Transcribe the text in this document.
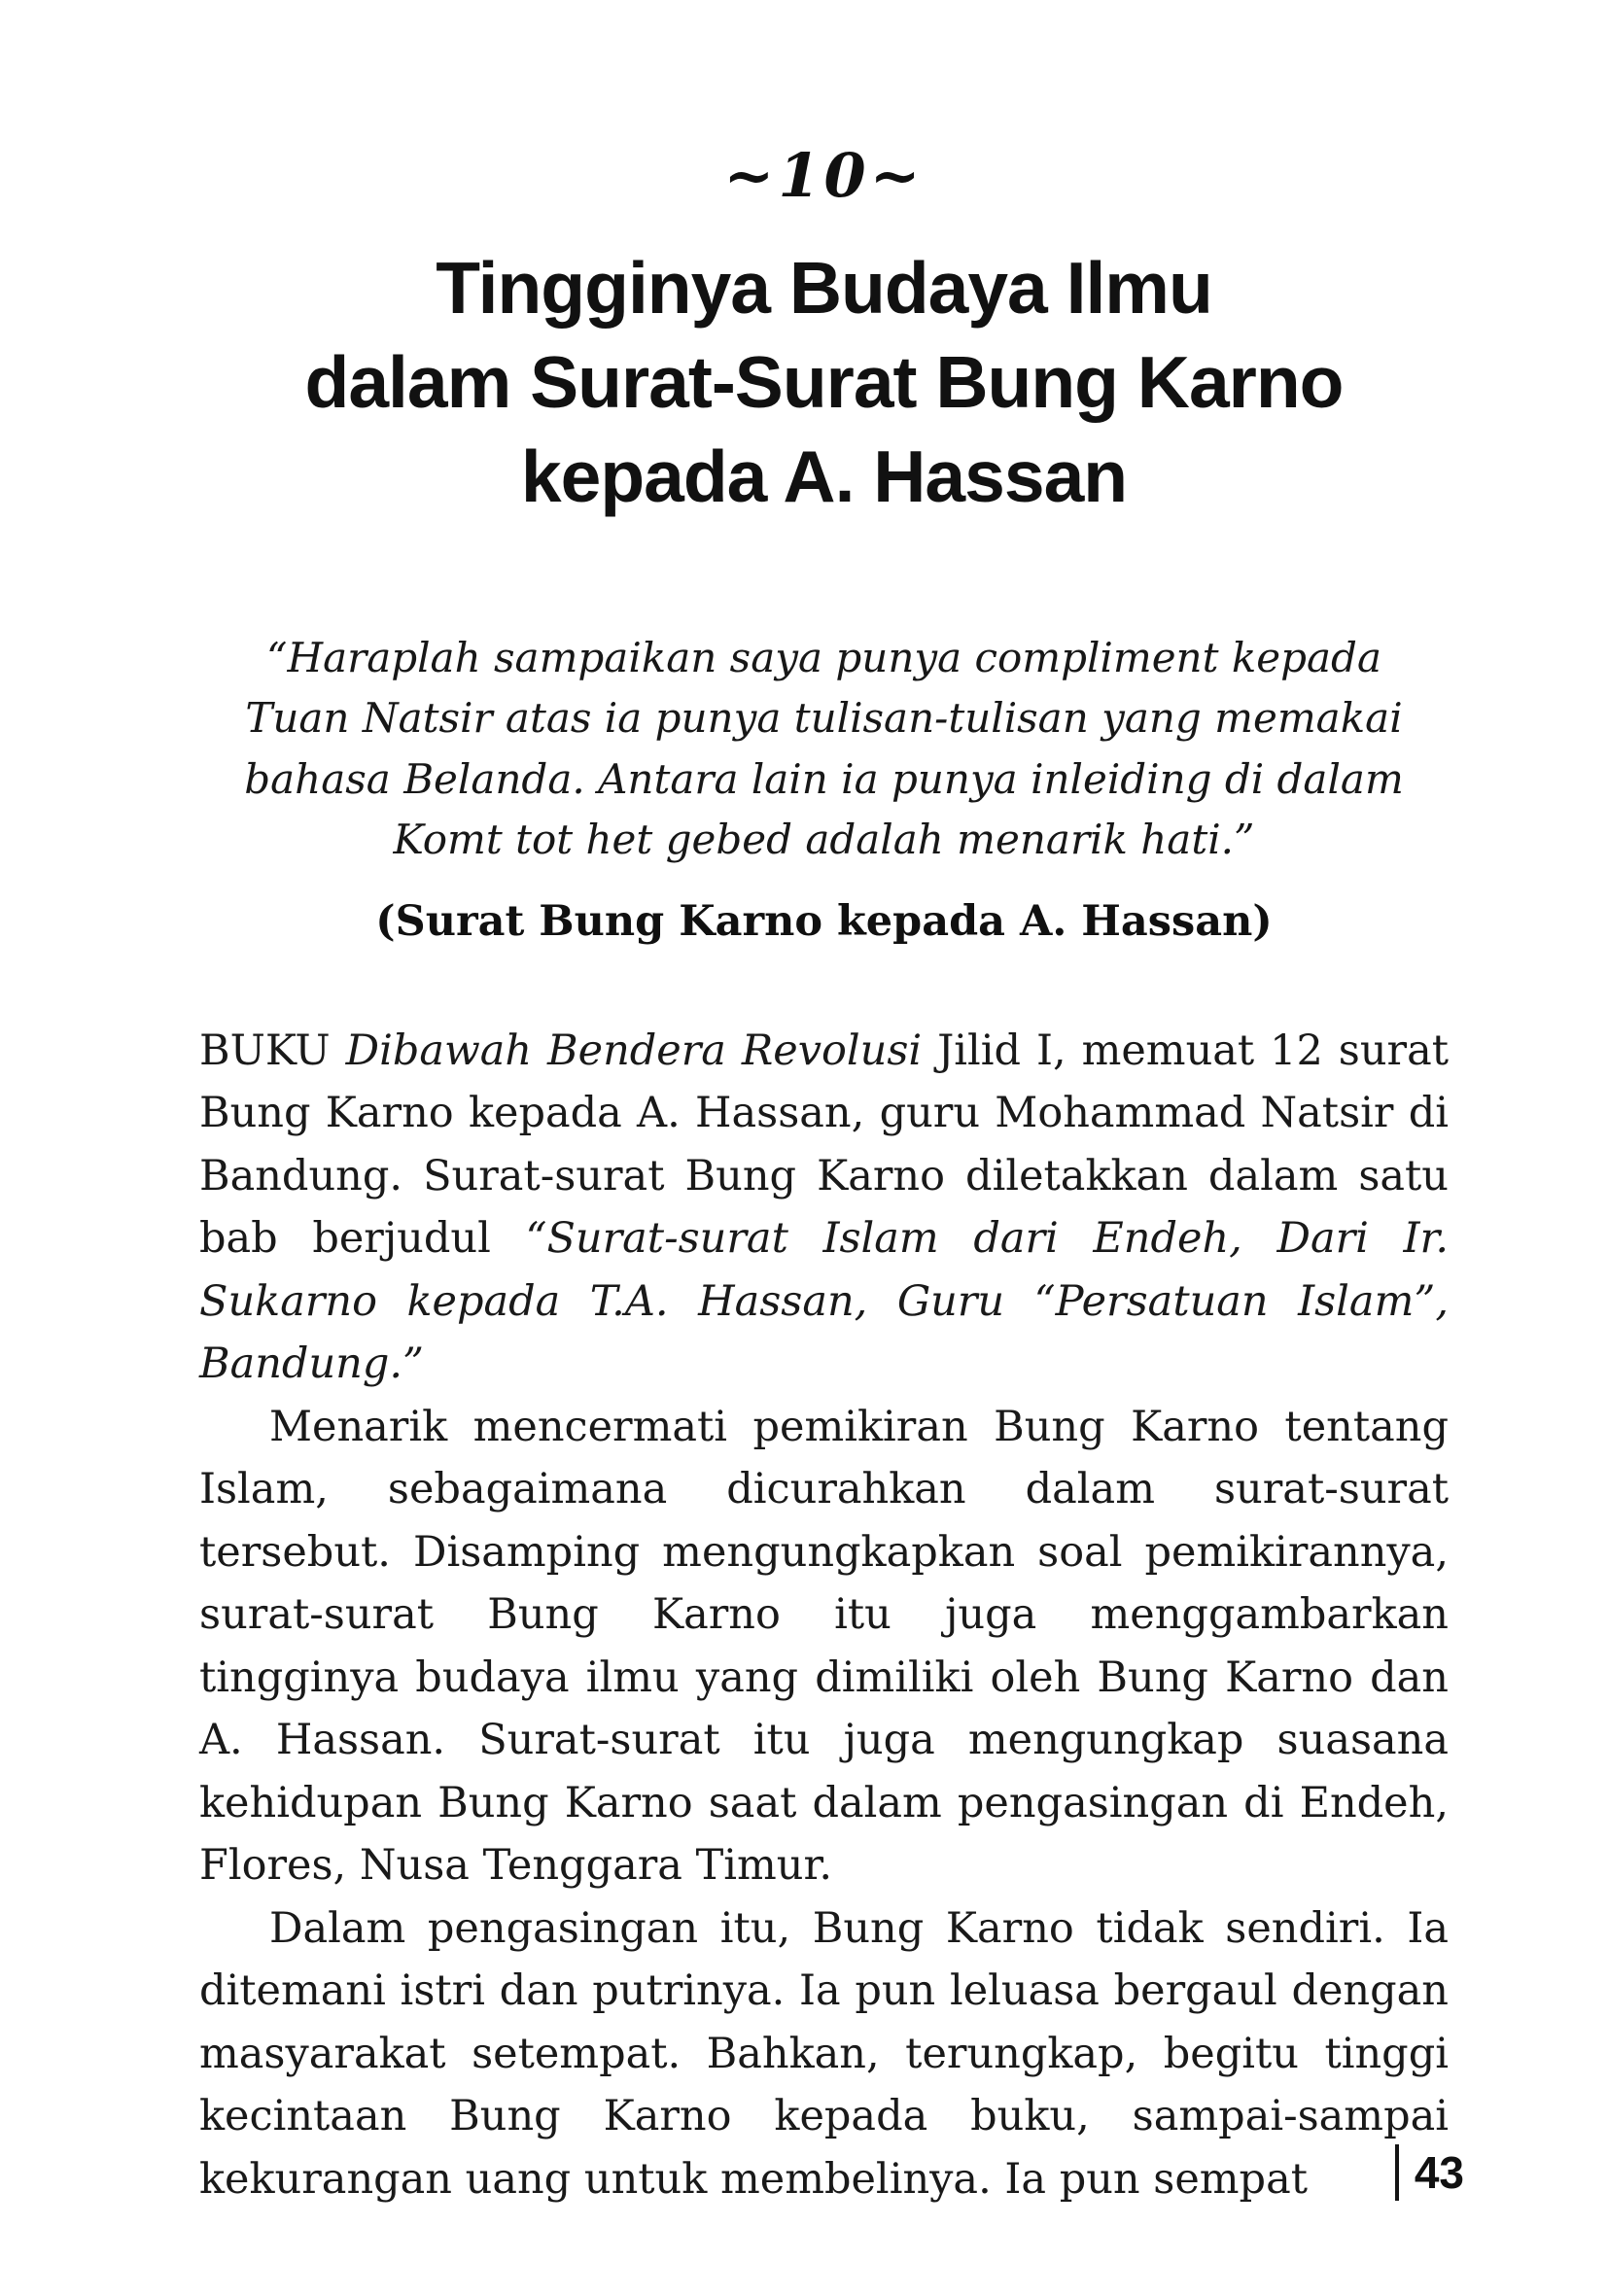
~10~
Tingginya Budaya Ilmu
dalam Surat-Surat Bung Karno
kepada A. Hassan
“Haraplah sampaikan saya punya compliment kepada
Tuan Natsir atas ia punya tulisan-tulisan yang memakai
bahasa Belanda. Antara lain ia punya inleiding di dalam
Komt tot het gebed adalah menarik hati.”
(Surat Bung Karno kepada A. Hassan)

BUKU Dibawah Bendera Revolusi Jilid I, memuat 12 surat Bung Karno kepada A. Hassan, guru Mohammad Natsir di Bandung. Surat-surat Bung Karno diletakkan dalam satu bab berjudul “Surat-surat Islam dari Endeh, Dari Ir. Sukarno kepada T.A. Hassan, Guru “Persatuan Islam”, Bandung.”

Menarik mencermati pemikiran Bung Karno tentang Islam, sebagaimana dicurahkan dalam surat-surat tersebut. Disamping mengungkapkan soal pemikirannya, surat-surat Bung Karno itu juga menggambarkan tingginya budaya ilmu yang dimiliki oleh Bung Karno dan A. Hassan. Surat-surat itu juga mengungkap suasana kehidupan Bung Karno saat dalam pengasingan di Endeh, Flores, Nusa Tenggara Timur.

Dalam pengasingan itu, Bung Karno tidak sendiri. Ia ditemani istri dan putrinya. Ia pun leluasa bergaul dengan masyarakat setempat. Bahkan, terungkap, begitu tinggi kecintaan Bung Karno kepada buku, sampai-sampai kekurangan uang untuk membelinya. Ia pun sempat	43
